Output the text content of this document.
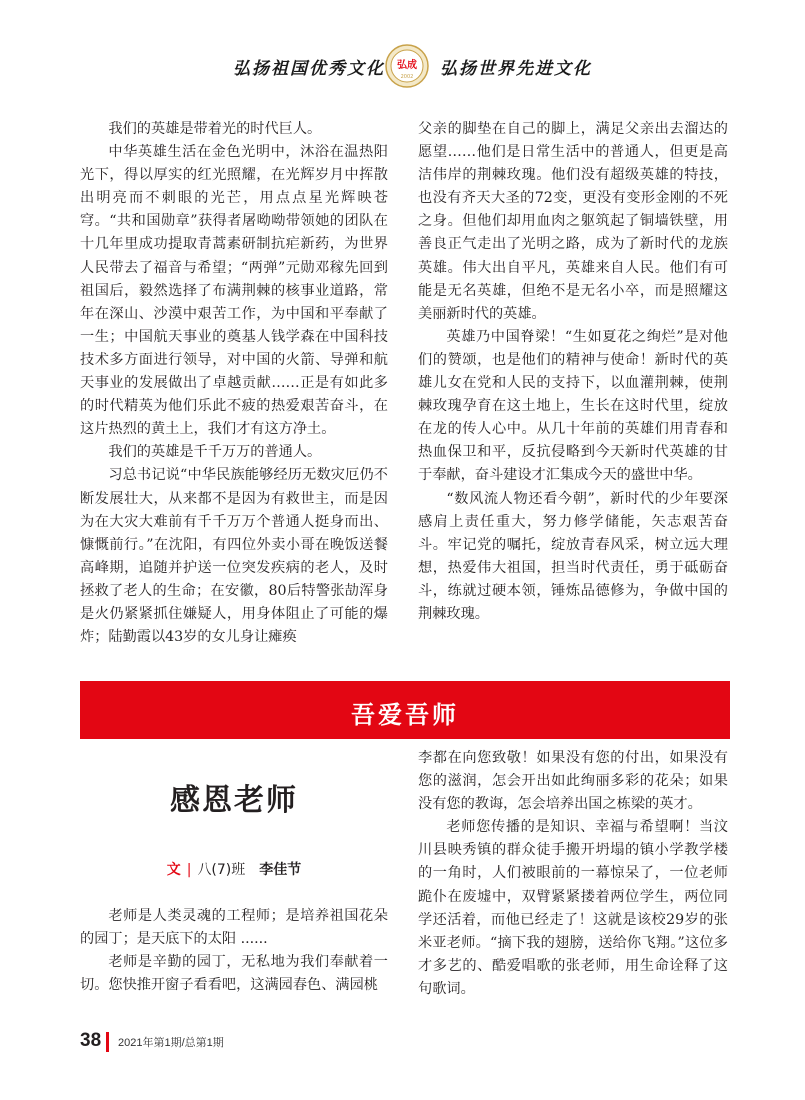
弘扬祖国优秀文化 弘成
2002 弘扬世界先进文化

我们的英雄是带着光的时代巨人。

中华英雄生活在金色光明中，沐浴在温热阳光下，得以厚实的红光照耀，在光辉岁月中挥散出明亮而不刺眼的光芒，用点点星光辉映苍穹。“共和国勋章”获得者屠呦呦带领她的团队在十几年里成功提取青蒿素研制抗疟新药，为世界人民带去了福音与希望；“两弹”元勋邓稼先回到祖国后，毅然选择了布满荆棘的核事业道路，常年在深山、沙漠中艰苦工作，为中国和平奉献了一生；中国航天事业的奠基人钱学森在中国科技技术多方面进行领导，对中国的火箭、导弹和航天事业的发展做出了卓越贡献……正是有如此多的时代精英为他们乐此不疲的热爱艰苦奋斗，在这片热烈的黄土上，我们才有这方净土。

我们的英雄是千千万万的普通人。

习总书记说“中华民族能够经历无数灾厄仍不断发展壮大，从来都不是因为有救世主，而是因为在大灾大难前有千千万万个普通人挺身而出、慷慨前行。”在沈阳，有四位外卖小哥在晚饭送餐高峰期，追随并护送一位突发疾病的老人，及时拯救了老人的生命；在安徽，80后特警张劼浑身是火仍紧紧抓住嫌疑人，用身体阻止了可能的爆炸；陆勤霞以43岁的女儿身让瘫痪

父亲的脚垫在自己的脚上，满足父亲出去溜达的愿望……他们是日常生活中的普通人，但更是高洁伟岸的荆棘玫瑰。他们没有超级英雄的特技，也没有齐天大圣的72变，更没有变形金刚的不死之身。但他们却用血肉之躯筑起了铜墙铁壁，用善良正气走出了光明之路，成为了新时代的龙族英雄。伟大出自平凡，英雄来自人民。他们有可能是无名英雄，但绝不是无名小卒，而是照耀这美丽新时代的英雄。

英雄乃中国脊梁！“生如夏花之绚烂”是对他们的赞颂，也是他们的精神与使命！新时代的英雄儿女在党和人民的支持下，以血灌荆棘，使荆棘玫瑰孕育在这土地上，生长在这时代里，绽放在龙的传人心中。从几十年前的英雄们用青春和热血保卫和平，反抗侵略到今天新时代英雄的甘于奉献，奋斗建设才汇集成今天的盛世中华。

“数风流人物还看今朝”，新时代的少年要深感肩上责任重大，努力修学储能，矢志艰苦奋斗。牢记党的嘱托，绽放青春风采，树立远大理想，热爱伟大祖国，担当时代责任，勇于砥砺奋斗，练就过硬本领，锤炼品德修为，争做中国的荆棘玫瑰。

吾爱吾师
感恩老师
文 | 八(7)班 李佳节

老师是人类灵魂的工程师；是培养祖国花朵的园丁；是天底下的太阳 ......

老师是辛勤的园丁，无私地为我们奉献着一切。您快推开窗子看看吧，这满园春色、满园桃

李都在向您致敬！如果没有您的付出，如果没有您的滋润，怎会开出如此绚丽多彩的花朵；如果没有您的教诲，怎会培养出国之栋梁的英才。

老师您传播的是知识、幸福与希望啊！当汶川县映秀镇的群众徒手搬开坍塌的镇小学教学楼的一角时，人们被眼前的一幕惊呆了，一位老师跪仆在废墟中，双臂紧紧搂着两位学生，两位同学还活着，而他已经走了！这就是该校29岁的张米亚老师。“摘下我的翅膀，送给你飞翔。”这位多才多艺的、酷爱唱歌的张老师，用生命诠释了这句歌词。

38 2021年第1期/总第1期
